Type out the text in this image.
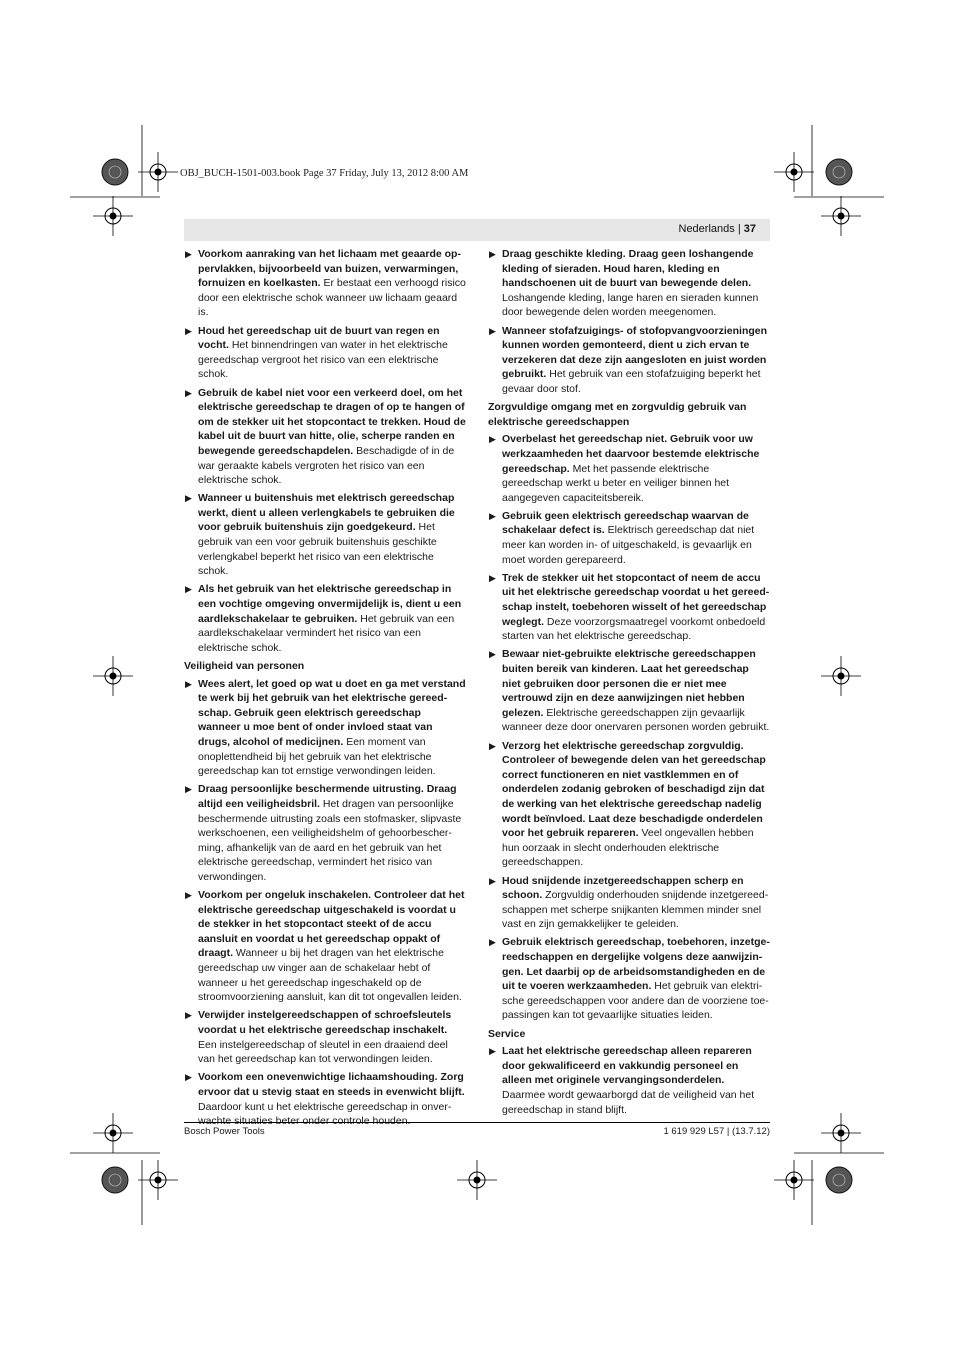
OBJ_BUCH-1501-003.book Page 37 Friday, July 13, 2012 8:00 AM
Nederlands | 37
▶ Voorkom aanraking van het lichaam met geaarde oppervlakken, bijvoorbeeld van buizen, verwarmingen, fornuizen en koelkasten. Er bestaat een verhoogd risico door een elektrische schok wanneer uw lichaam geaard is.
▶ Houd het gereedschap uit de buurt van regen en vocht. Het binnendringen van water in het elektrische gereedschap vergroot het risico van een elektrische schok.
▶ Gebruik de kabel niet voor een verkeerd doel, om het elektrische gereedschap te dragen of op te hangen of om de stekker uit het stopcontact te trekken. Houd de kabel uit de buurt van hitte, olie, scherpe randen en bewegende gereedschapdelen. Beschadigde of in de war geraakte kabels vergroten het risico van een elektrische schok.
▶ Wanneer u buitenshuis met elektrisch gereedschap werkt, dient u alleen verlengkabels te gebruiken die voor gebruik buitenshuis zijn goedgekeurd. Het gebruik van een voor gebruik buitenshuis geschikte verlengkabel beperkt het risico van een elektrische schok.
▶ Als het gebruik van het elektrische gereedschap in een vochtige omgeving onvermijdelijk is, dient u een aardlekschakelaar te gebruiken. Het gebruik van een aardlekschakelaar vermindert het risico van een elektrische schok.
Veiligheid van personen
▶ Wees alert, let goed op wat u doet en ga met verstand te werk bij het gebruik van het elektrische gereedschap. Gebruik geen elektrisch gereedschap wanneer u moe bent of onder invloed staat van drugs, alcohol of medicijnen. Een moment van onoplettendheid bij het gebruik van het elektrische gereedschap kan tot ernstige verwondingen leiden.
▶ Draag persoonlijke beschermende uitrusting. Draag altijd een veiligheidsbril. Het dragen van persoonlijke beschermende uitrusting zoals een stofmasker, slipvaste werkschoenen, een veiligheidshelm of gehoorbescherming, afhankelijk van de aard en het gebruik van het elektrische gereedschap, vermindert het risico van verwondingen.
▶ Voorkom per ongeluk inschakelen. Controleer dat het elektrische gereedschap uitgeschakeld is voordat u de stekker in het stopcontact steekt of de accu aansluit en voordat u het gereedschap oppakt of draagt. Wanneer u bij het dragen van het elektrische gereedschap uw vinger aan de schakelaar hebt of wanneer u het gereedschap ingeschakeld op de stroomvoorziening aansluit, kan dit tot ongevallen leiden.
▶ Verwijder instelgereedschappen of schroefsleutels voordat u het elektrische gereedschap inschakelt. Een instelgereedschap of sleutel in een draaiend deel van het gereedschap kan tot verwondingen leiden.
▶ Voorkom een onevenwichtige lichaamshouding. Zorg ervoor dat u stevig staat en steeds in evenwicht blijft. Daardoor kunt u het elektrische gereedschap in onverwachte situaties beter onder controle houden.
▶ Draag geschikte kleding. Draag geen loshangende kleding of sieraden. Houd haren, kleding en handschoenen uit de buurt van bewegende delen. Loshangende kleding, lange haren en sieraden kunnen door bewegende delen worden meegenomen.
▶ Wanneer stofafzuigings- of stofopvangvoorzieningen kunnen worden gemonteerd, dient u zich ervan te verzekeren dat deze zijn aangesloten en juist worden gebruikt. Het gebruik van een stofafzuiging beperkt het gevaar door stof.
Zorgvuldige omgang met en zorgvuldig gebruik van elektrische gereedschappen
▶ Overbelast het gereedschap niet. Gebruik voor uw werkzaamheden het daarvoor bestemde elektrische gereedschap. Met het passende elektrische gereedschap werkt u beter en veiliger binnen het aangegeven capaciteitsbereik.
▶ Gebruik geen elektrisch gereedschap waarvan de schakelaar defect is. Elektrisch gereedschap dat niet meer kan worden in- of uitgeschakeld, is gevaarlijk en moet worden gerepareerd.
▶ Trek de stekker uit het stopcontact of neem de accu uit het elektrische gereedschap voordat u het gereedschap instelt, toebehoren wisselt of het gereedschap weglegt. Deze voorzorgsmaatregel voorkomt onbedoeld starten van het elektrische gereedschap.
▶ Bewaar niet-gebruikte elektrische gereedschappen buiten bereik van kinderen. Laat het gereedschap niet gebruiken door personen die er niet mee vertrouwd zijn en deze aanwijzingen niet hebben gelezen. Elektrische gereedschappen zijn gevaarlijk wanneer deze door onervaren personen worden gebruikt.
▶ Verzorg het elektrische gereedschap zorgvuldig. Controleer of bewegende delen van het gereedschap correct functioneren en niet vastklemmen en of onderdelen zodanig gebroken of beschadigd zijn dat de werking van het elektrische gereedschap nadelig wordt beïnvloed. Laat deze beschadigde onderdelen voor het gebruik repareren. Veel ongevallen hebben hun oorzaak in slecht onderhouden elektrische gereedschappen.
▶ Houd snijdende inzetgereedschappen scherp en schoon. Zorgvuldig onderhouden snijdende inzetgereedschappen met scherpe snijkanten klemmen minder snel vast en zijn gemakkelijker te geleiden.
▶ Gebruik elektrisch gereedschap, toebehoren, inzetgereedschappen en dergelijke volgens deze aanwijzingen. Let daarbij op de arbeidsomstandigheden en de uit te voeren werkzaamheden. Het gebruik van elektrische gereedschappen voor andere dan de voorziene toepassingen kan tot gevaarlijke situaties leiden.
Service
▶ Laat het elektrische gereedschap alleen repareren door gekwalificeerd en vakkundig personeel en alleen met originele vervangingsonderdelen. Daarmee wordt gewaarborgd dat de veiligheid van het gereedschap in stand blijft.
Bosch Power Tools	1 619 929 L57 | (13.7.12)
